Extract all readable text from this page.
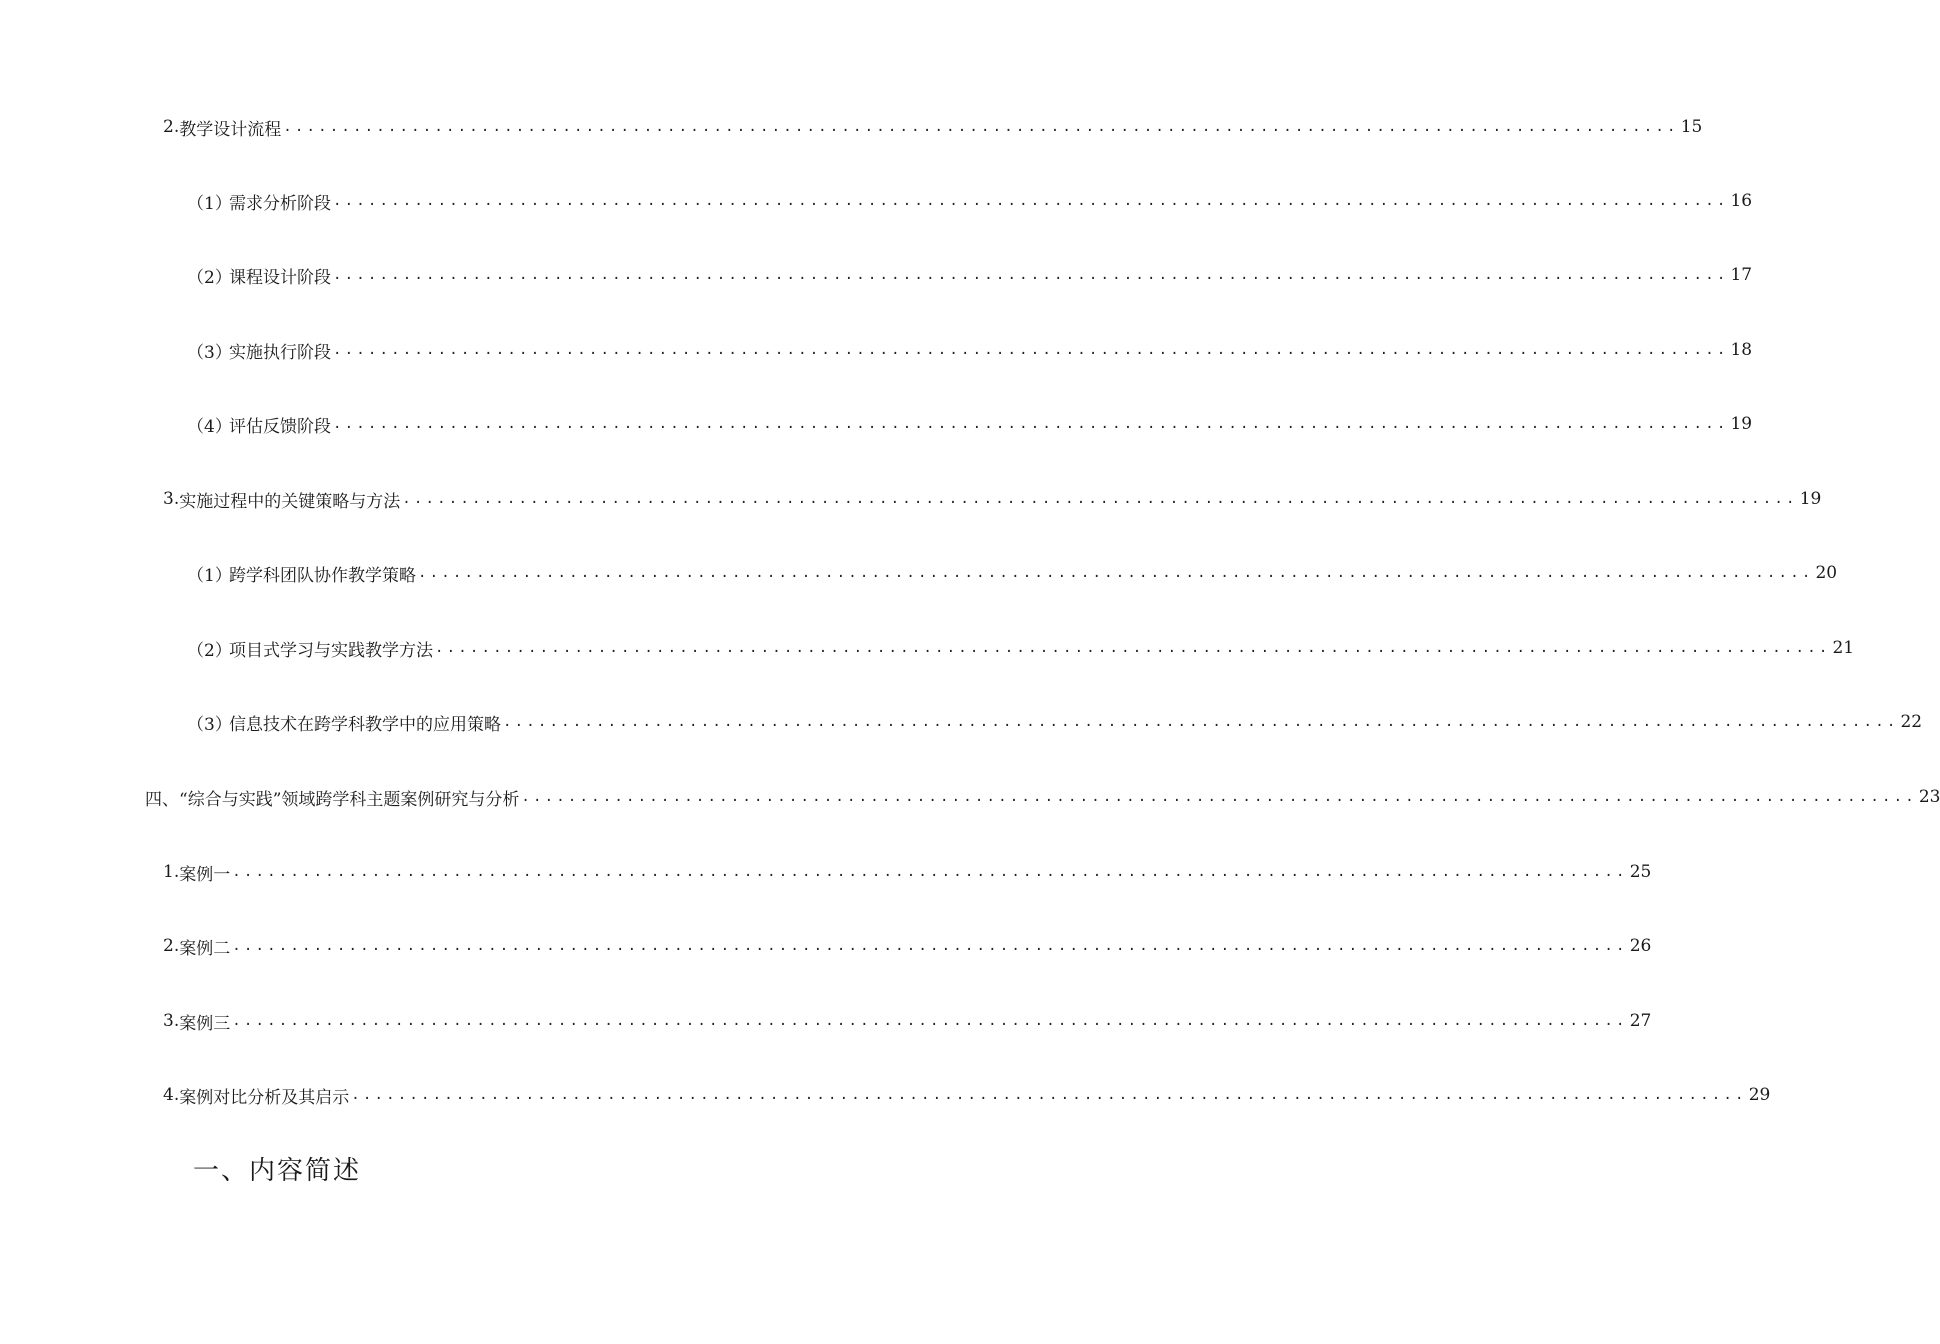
2. 教学设计流程 ........................................................................................................................ 15
（1）
需求分析阶段 ........................................................................................................................ 16
（2）
课程设计阶段 ........................................................................................................................ 17
（3）
实施执行阶段 ........................................................................................................................ 18
（4）
评估反馈阶段 ........................................................................................................................ 19
3. 实施过程中的关键策略与方法 ........................................................................................................................ 19
（1）
跨学科团队协作教学策略 ........................................................................................................................ 20
（2）
项目式学习与实践教学方法 ........................................................................................................................ 21
（3）
信息技术在跨学科教学中的应用策略 ........................................................................................................................ 22
四、 “综合与实践”领域跨学科主题案例研究与分析 ........................................................................................................................ 23
1. 案例一 ........................................................................................................................ 25
2. 案例二 ........................................................................................................................ 26
3. 案例三 ........................................................................................................................ 27
4. 案例对比分析及其启示 ........................................................................................................................ 29
一、内容简述
